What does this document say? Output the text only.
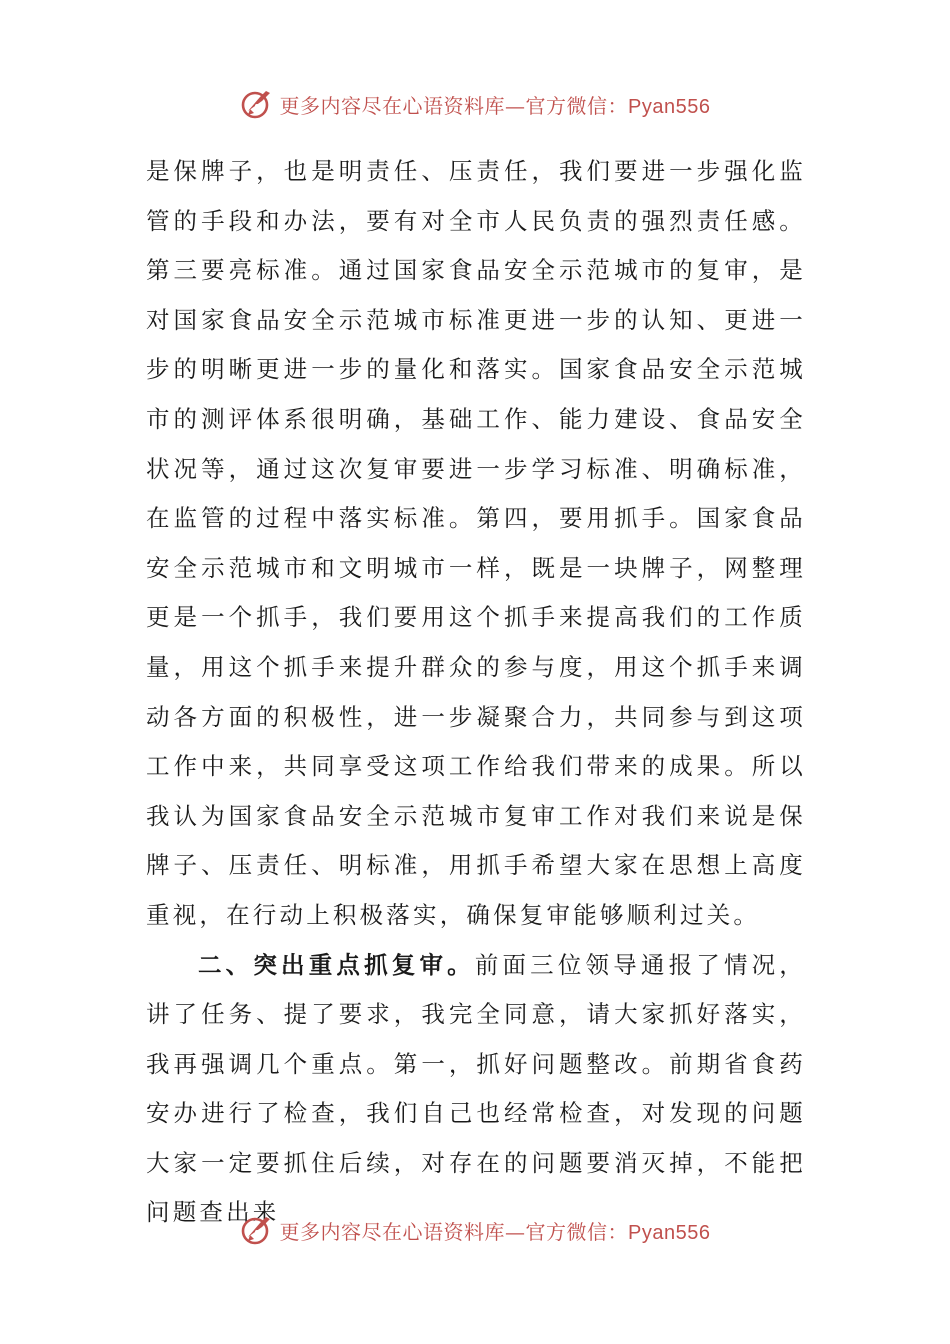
更多内容尽在心语资料库—官方微信：Pyan556

是保牌子，也是明责任、压责任，我们要进一步强化监管的手段和办法，要有对全市人民负责的强烈责任感。第三要亮标准。通过国家食品安全示范城市的复审，是对国家食品安全示范城市标准更进一步的认知、更进一步的明晰更进一步的量化和落实。国家食品安全示范城市的测评体系很明确，基础工作、能力建设、食品安全状况等，通过这次复审要进一步学习标准、明确标准，在监管的过程中落实标准。第四，要用抓手。国家食品安全示范城市和文明城市一样，既是一块牌子，网整理更是一个抓手，我们要用这个抓手来提高我们的工作质量，用这个抓手来提升群众的参与度，用这个抓手来调动各方面的积极性，进一步凝聚合力，共同参与到这项工作中来，共同享受这项工作给我们带来的成果。所以我认为国家食品安全示范城市复审工作对我们来说是保牌子、压责任、明标准，用抓手希望大家在思想上高度重视，在行动上积极落实，确保复审能够顺利过关。

二、突出重点抓复审。前面三位领导通报了情况，讲了任务、提了要求，我完全同意，请大家抓好落实，我再强调几个重点。第一，抓好问题整改。前期省食药安办进行了检查，我们自己也经常检查，对发现的问题大家一定要抓住后续，对存在的问题要消灭掉，不能把问题查出来

更多内容尽在心语资料库—官方微信：Pyan556
